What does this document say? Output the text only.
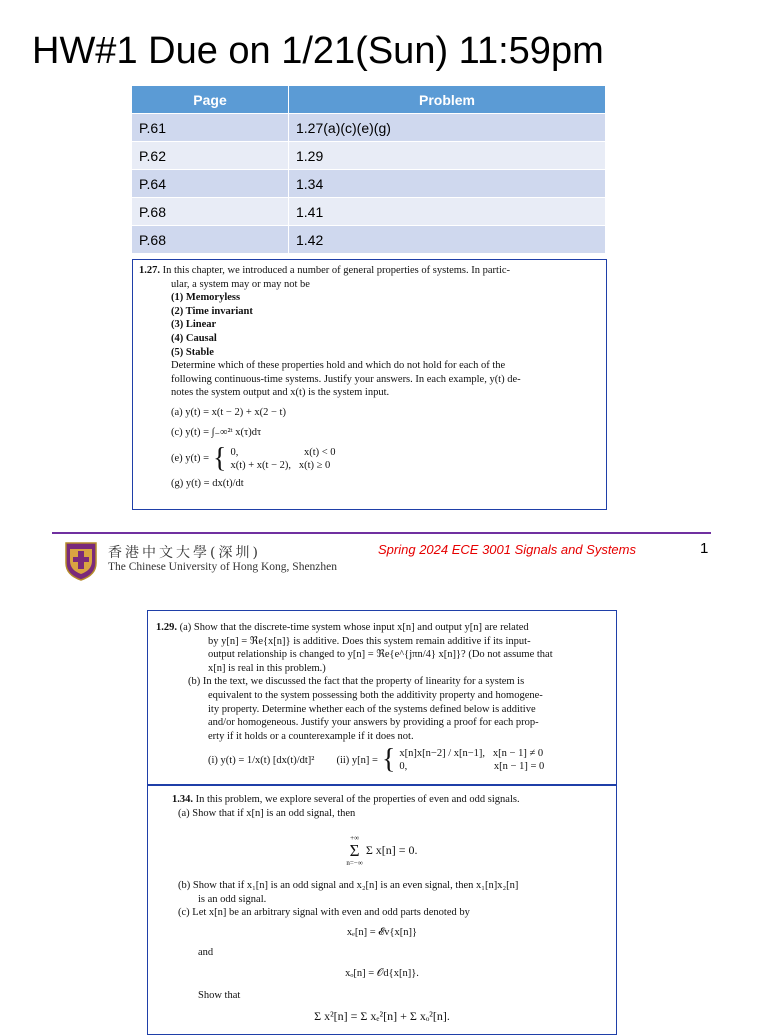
HW#1 Due on 1/21(Sun) 11:59pm
Page	Problem
P.61	1.27(a)(c)(e)(g)
P.62	1.29
P.64	1.34
P.68	1.41
P.68	1.42
1.27. In this chapter, we introduced a number of general properties of systems. In partic-
ular, a system may or may not be
(1) Memoryless
(2) Time invariant
(3) Linear
(4) Causal
(5) Stable
Determine which of these properties hold and which do not hold for each of the
following continuous-time systems. Justify your answers. In each example, y(t) de-
notes the system output and x(t) is the system input.
(a) y(t) = x(t − 2) + x(2 − t)
(c) y(t) = ∫₋∞²ᵗ x(τ)dτ
(e) y(t) = { 0,                         x(t) < 0
x(t) + x(t − 2),   x(t) ≥ 0
(g) y(t) = dx(t)/dt
香港中文大學(深圳)
The Chinese University of Hong Kong, Shenzhen
Spring 2024 ECE 3001 Signals and Systems	1
1.29. (a) Show that the discrete-time system whose input x[n] and output y[n] are related
by y[n] = ℜe{x[n]} is additive. Does this system remain additive if its input-
output relationship is changed to y[n] = ℜe{e^{jπn/4} x[n]}? (Do not assume that
x[n] is real in this problem.)
(b) In the text, we discussed the fact that the property of linearity for a system is
equivalent to the system possessing both the additivity property and homogene-
ity property. Determine whether each of the systems defined below is additive
and/or homogeneous. Justify your answers by providing a proof for each prop-
erty if it holds or a counterexample if it does not.
(i) y(t) = 1/x(t) [dx(t)/dt]² (ii) y[n] = { x[n]x[n−2] / x[n−1],   x[n − 1] ≠ 0
0,                                 x[n − 1] = 0
1.34. In this problem, we explore several of the properties of even and odd signals.
(a) Show that if x[n] is an odd signal, then
+∞
Σ
n=−∞
Σ x[n] = 0.
(b) Show that if x₁[n] is an odd signal and x₂[n] is an even signal, then x₁[n]x₂[n]
is an odd signal.
(c) Let x[n] be an arbitrary signal with even and odd parts denoted by
xₑ[n] = 𝓔v{x[n]}
and
xₒ[n] = 𝒪d{x[n]}.
Show that
Σ x²[n] = Σ xₑ²[n] + Σ xₒ²[n].
